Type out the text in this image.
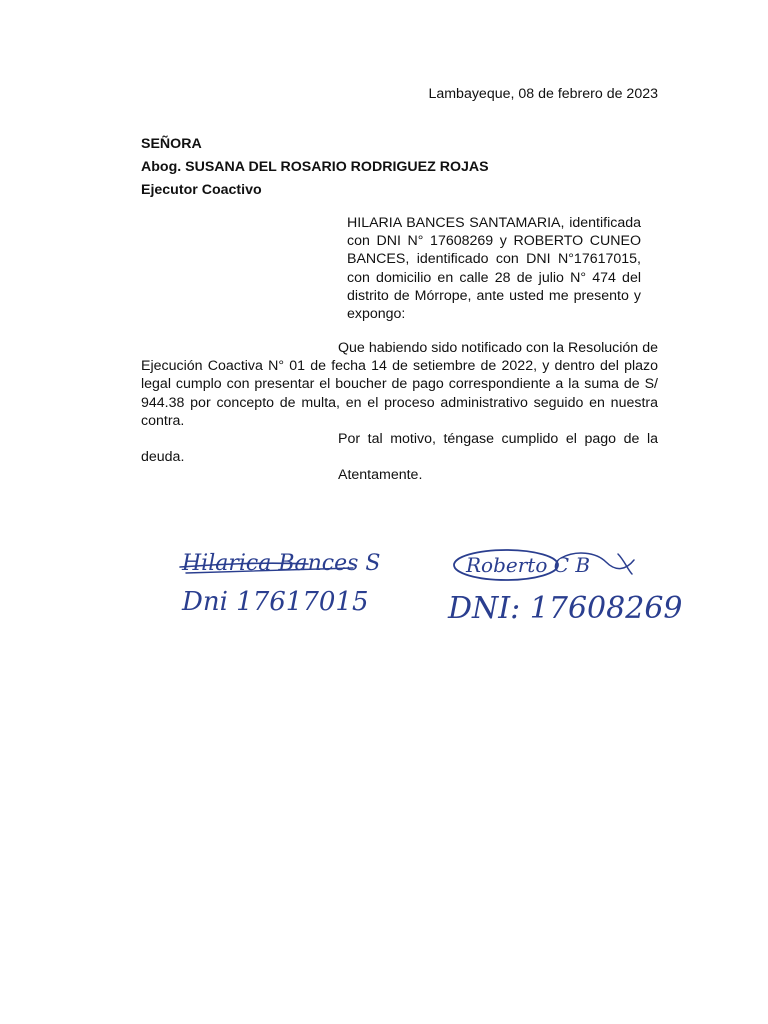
Lambayeque, 08 de febrero de 2023

SEÑORA
Abog. SUSANA DEL ROSARIO RODRIGUEZ ROJAS
Ejecutor Coactivo

HILARIA BANCES SANTAMARIA, identificada con DNI N° 17608269 y ROBERTO CUNEO BANCES, identificado con DNI N°17617015, con domicilio en calle 28 de julio N° 474 del distrito de Mórrope, ante usted me presento y expongo:

Que habiendo sido notificado con la Resolución de Ejecución Coactiva N° 01 de fecha 14 de setiembre de 2022, y dentro del plazo legal cumplo con presentar el boucher de pago correspondiente a la suma de S/ 944.38 por concepto de multa, en el proceso administrativo seguido en nuestra contra.

Por tal motivo, téngase cumplido el pago de la deuda.

Atentamente.

Hilarica Bances S
Dni 17617015
Roberto C B
DNI: 17608269
